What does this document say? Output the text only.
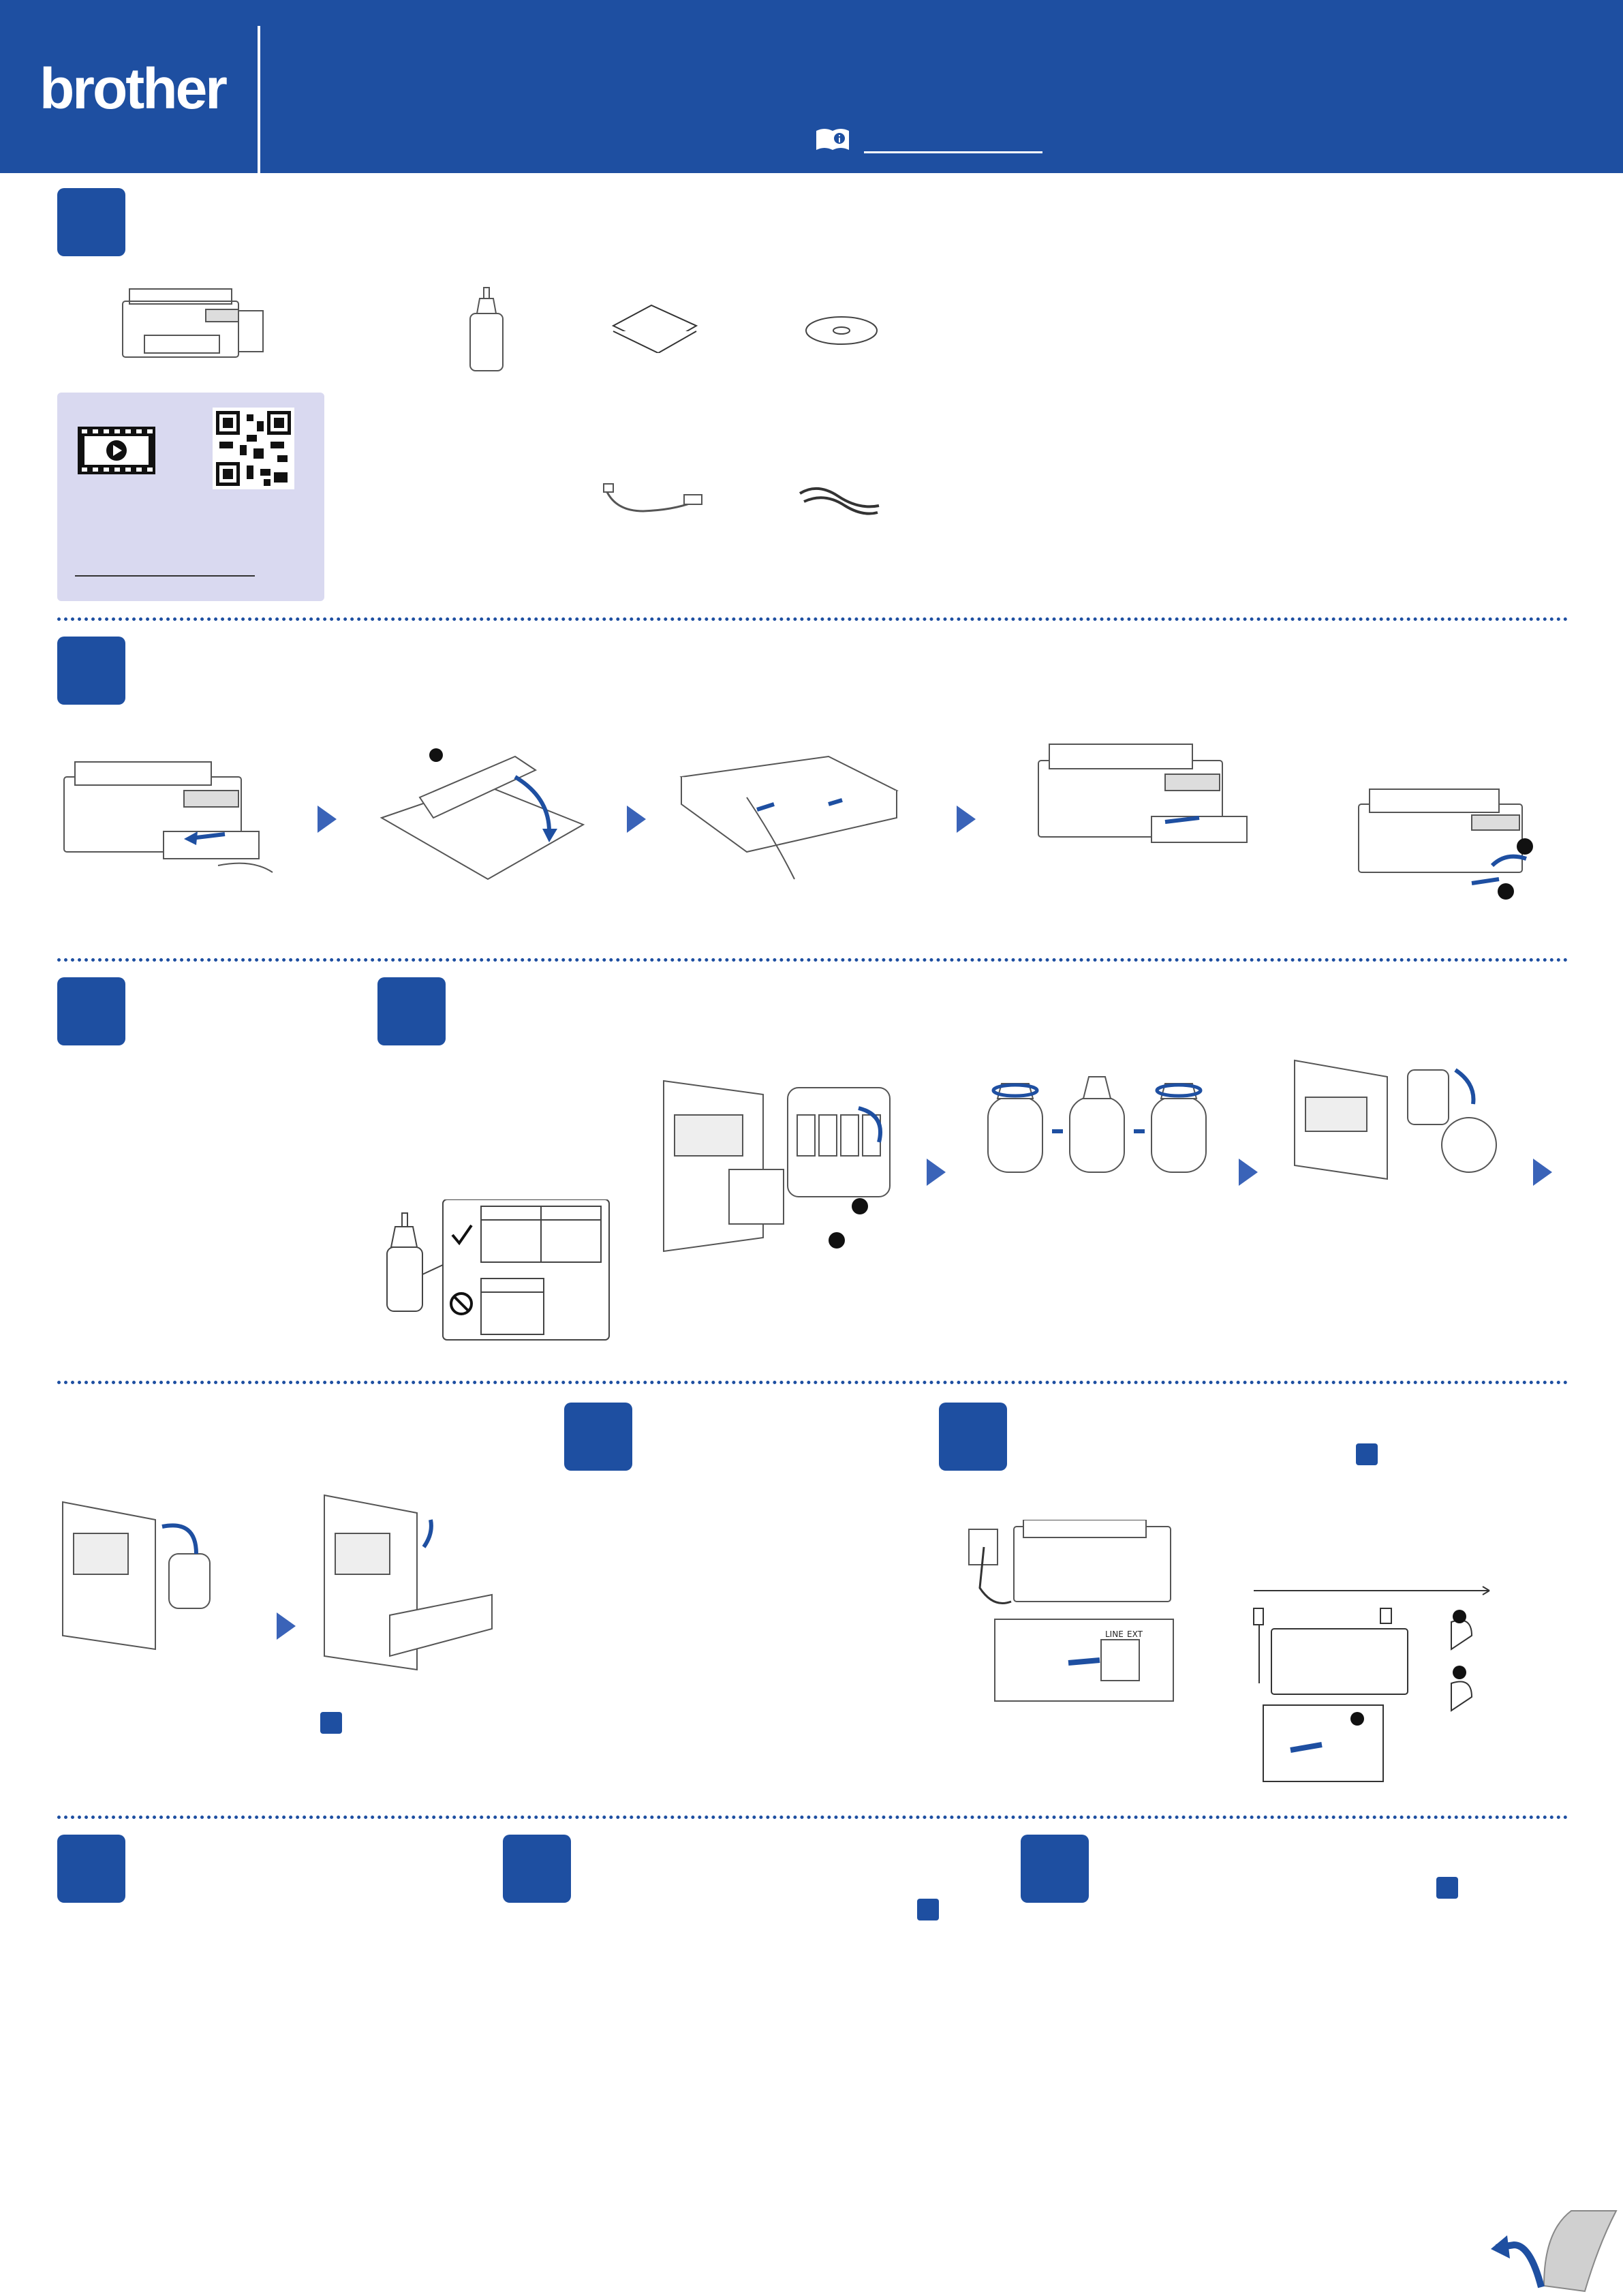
brother
LINE EXT
